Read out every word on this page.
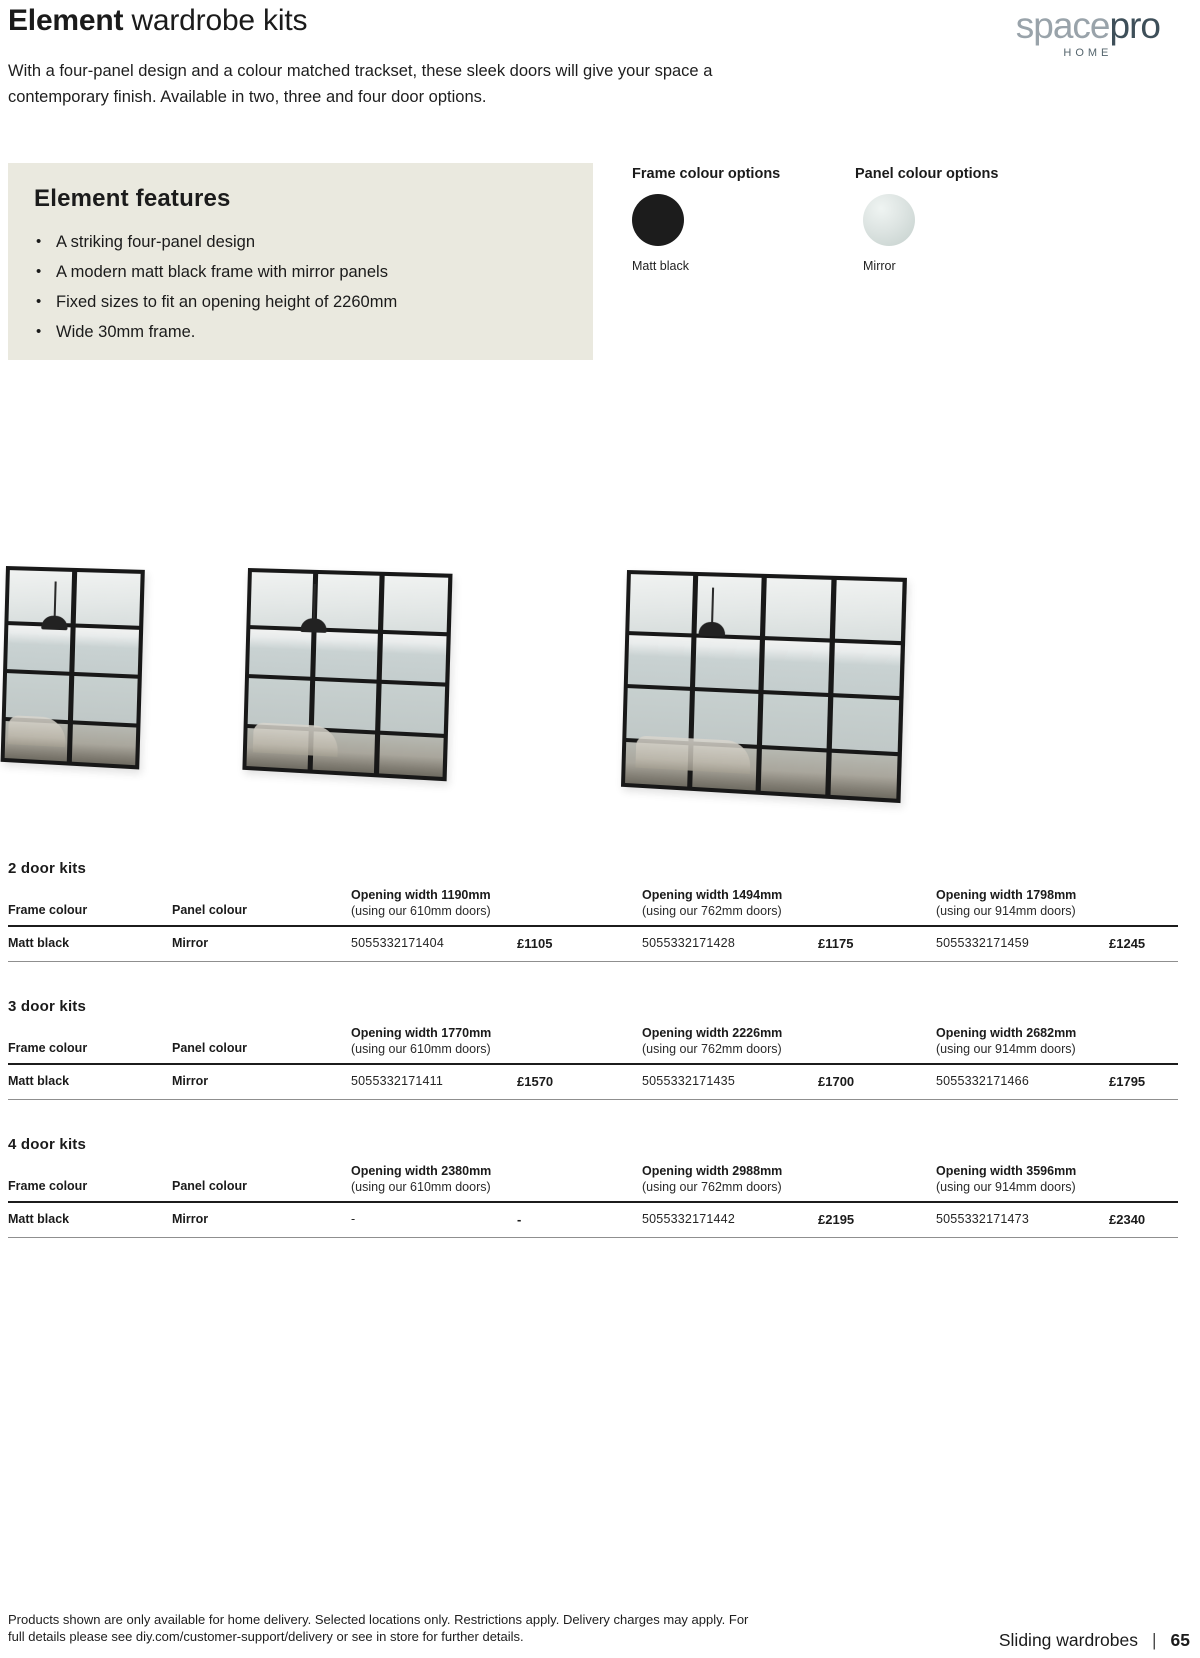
Element wardrobe kits

With a four-panel design and a colour matched trackset, these sleek doors will give your space a contemporary finish. Available in two, three and four door options.

spacepro
HOME
Element features
• A striking four-panel design
• A modern matt black frame with mirror panels
• Fixed sizes to fit an opening height of 2260mm
• Wide 30mm frame.
Frame colour options
Matt black
Panel colour options
Mirror
2 door kits
Frame colour	Panel colour
Opening width 1190mm
(using our 610mm doors)
Opening width 1494mm
(using our 762mm doors)
Opening width 1798mm
(using our 914mm doors)
Matt black	Mirror	5055332171404	£1105	5055332171428	£1175	5055332171459	£1245
3 door kits
Frame colour	Panel colour
Opening width 1770mm
(using our 610mm doors)
Opening width 2226mm
(using our 762mm doors)
Opening width 2682mm
(using our 914mm doors)
Matt black	Mirror	5055332171411	£1570	5055332171435	£1700	5055332171466	£1795
4 door kits
Frame colour	Panel colour
Opening width 2380mm
(using our 610mm doors)
Opening width 2988mm
(using our 762mm doors)
Opening width 3596mm
(using our 914mm doors)
Matt black	Mirror	-	-	5055332171442	£2195	5055332171473	£2340

Products shown are only available for home delivery. Selected locations only. Restrictions apply. Delivery charges may apply. For full details please see diy.com/customer-support/delivery or see in store for further details.	Sliding wardrobes | 65
